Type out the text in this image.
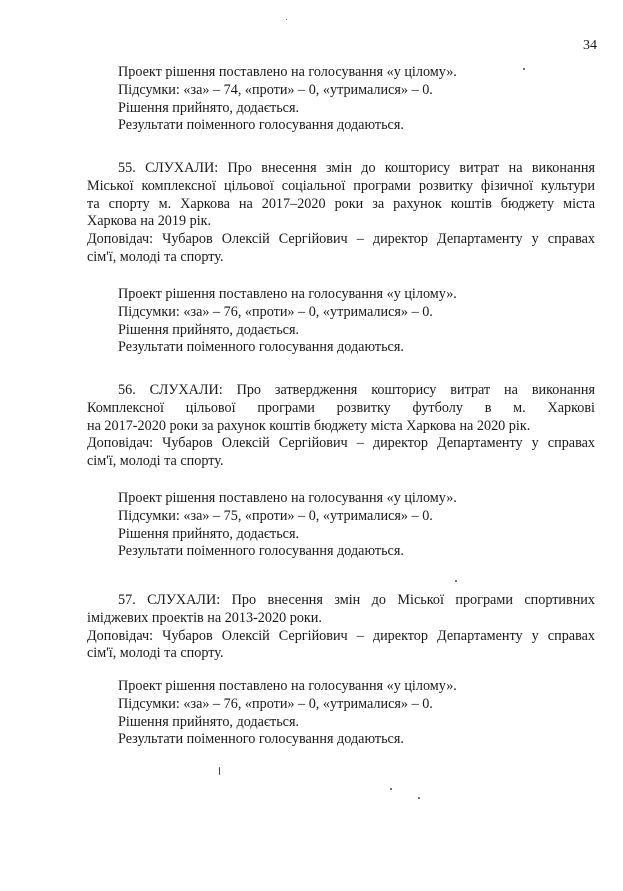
34
Проект рішення поставлено на голосування «у цілому».
Підсумки: «за» – 74, «проти» – 0, «утрималися» – 0.
Рішення прийнято, додається.
Результати поіменного голосування додаються.
55. СЛУХАЛИ: Про внесення змін до кошторису витрат на виконання
Міської комплексної цільової соціальної програми розвитку фізичної культури
та спорту м. Харкова на 2017–2020 роки за рахунок коштів бюджету міста
Харкова на 2019 рік.
Доповідач: Чубаров Олексій Сергійович – директор Департаменту у справах
сім'ї, молоді та спорту.
Проект рішення поставлено на голосування «у цілому».
Підсумки: «за» – 76, «проти» – 0, «утрималися» – 0.
Рішення прийнято, додається.
Результати поіменного голосування додаються.
56. СЛУХАЛИ: Про затвердження кошторису витрат на виконання
Комплексної цільової програми розвитку футболу в м. Харкові
на 2017-2020 роки за рахунок коштів бюджету міста Харкова на 2020 рік.
Доповідач: Чубаров Олексій Сергійович – директор Департаменту у справах
сім'ї, молоді та спорту.
Проект рішення поставлено на голосування «у цілому».
Підсумки: «за» – 75, «проти» – 0, «утрималися» – 0.
Рішення прийнято, додається.
Результати поіменного голосування додаються.
57. СЛУХАЛИ: Про внесення змін до Міської програми спортивних
іміджевих проектів на 2013-2020 роки.
Доповідач: Чубаров Олексій Сергійович – директор Департаменту у справах
сім'ї, молоді та спорту.
Проект рішення поставлено на голосування «у цілому».
Підсумки: «за» – 76, «проти» – 0, «утрималися» – 0.
Рішення прийнято, додається.
Результати поіменного голосування додаються.
